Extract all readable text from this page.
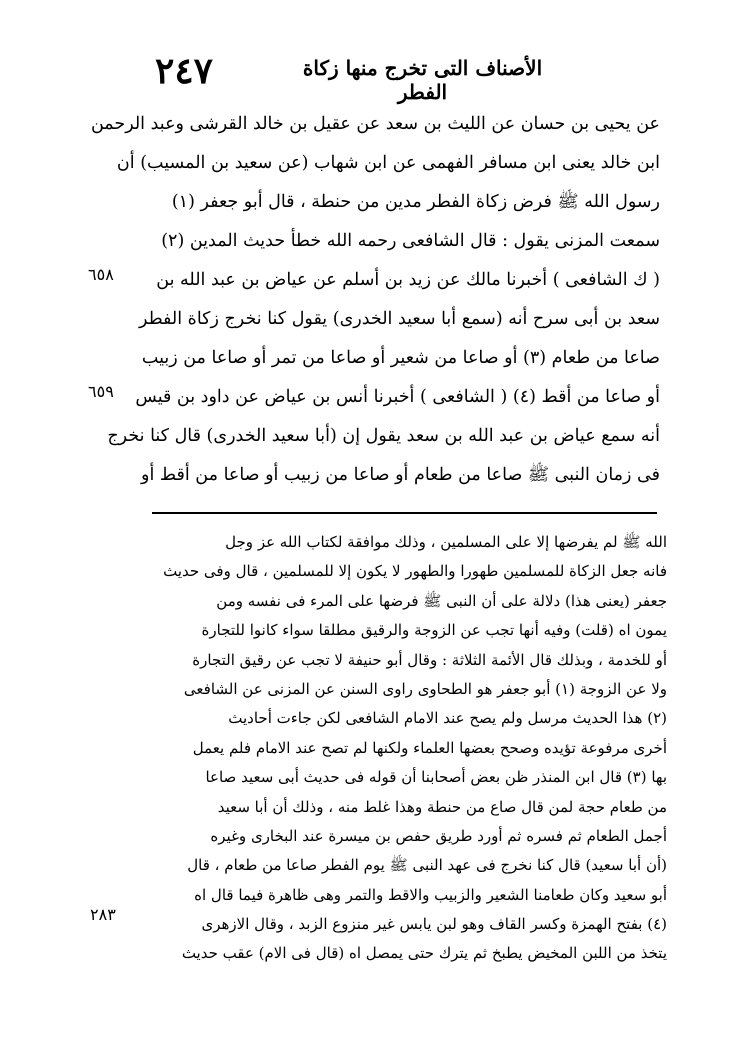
٢٤٧	الأصناف التى تخرج منها زكاة الفطر
عن يحيى بن حسان عن الليث بن سعد عن عقيل بن خالد القرشى وعبد الرحمن
ابن خالد يعنى ابن مسافر الفهمى عن ابن شهاب (عن سعيد بن المسيب) أن
رسول الله ﷺ فرض زكاة الفطر مدين من حنطة ، قال أبو جعفر (١)
سمعت المزنى يقول : قال الشافعى رحمه الله خطأ حديث المدين (٢)
( ك الشافعى ) أخبرنا مالك عن زيد بن أسلم عن عياض بن عبد الله بن
سعد بن أبى سرح أنه (سمع أبا سعيد الخدرى) يقول كنا نخرج زكاة الفطر
صاعا من طعام (٣) أو صاعا من شعير أو صاعا من تمر أو صاعا من زبيب
أو صاعا من أقط (٤) ( الشافعى ) أخبرنا أنس بن عياض عن داود بن قيس
أنه سمع عياض بن عبد الله بن سعد يقول إن (أبا سعيد الخدرى) قال كنا نخرج
فى زمان النبى ﷺ صاعا من طعام أو صاعا من زبيب أو صاعا من أقط أو
٦٥٨
٦٥٩
٢٨٣
الله ﷺ لم يفرضها إلا على المسلمين ، وذلك موافقة لكتاب الله عز وجل
فانه جعل الزكاة للمسلمين طهورا والطهور لا يكون إلا للمسلمين ، قال وفى حديث
جعفر (يعنى هذا) دلالة على أن النبى ﷺ فرضها على المرء فى نفسه ومن
يمون اه (قلت) وفيه أنها تجب عن الزوجة والرقيق مطلقا سواء كانوا للتجارة
أو للخدمة ، وبذلك قال الأئمة الثلاثة : وقال أبو حنيفة لا تجب عن رقيق التجارة
ولا عن الزوجة (١) أبو جعفر هو الطحاوى راوى السنن عن المزنى عن الشافعى
(٢) هذا الحديث مرسل ولم يصح عند الامام الشافعى لكن جاءت أحاديث
أخرى مرفوعة تؤيده وصحح بعضها العلماء ولكنها لم تصح عند الامام فلم يعمل
بها (٣) قال ابن المنذر ظن بعض أصحابنا أن قوله فى حديث أبى سعيد صاعا
من طعام حجة لمن قال صاع من حنطة وهذا غلط منه ، وذلك أن أبا سعيد
أجمل الطعام ثم فسره ثم أورد طريق حفص بن ميسرة عند البخارى وغيره
(أن أبا سعيد) قال كنا نخرج فى عهد النبى ﷺ يوم الفطر صاعا من طعام ، قال
أبو سعيد وكان طعامنا الشعير والزبيب والاقط والتمر وهى ظاهرة فيما قال اه
(٤) بفتح الهمزة وكسر القاف وهو لبن يابس غير منزوع الزبد ، وقال الازهرى
يتخذ من اللبن المخيض يطبخ ثم يترك حتى يمصل اه (قال فى الام) عقب حديث
